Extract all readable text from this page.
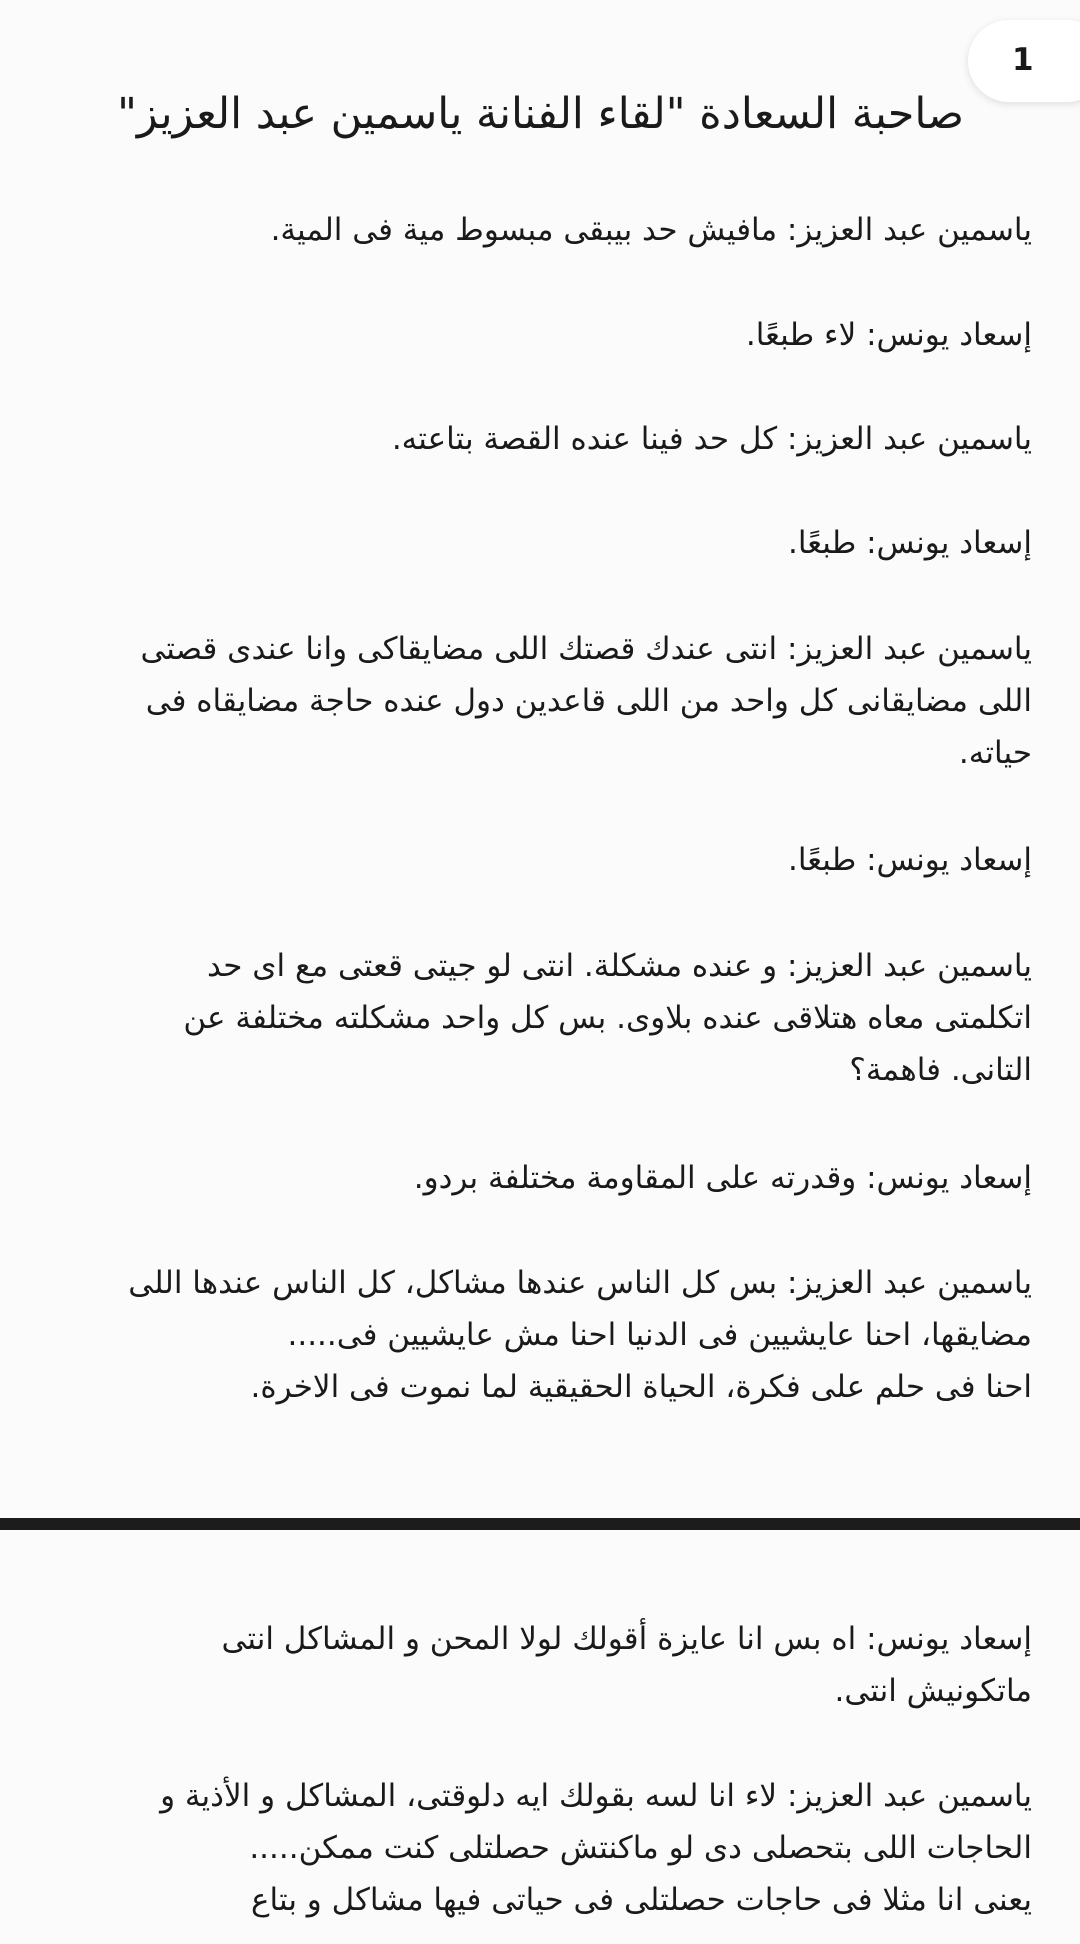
1
صاحبة السعادة "لقاء الفنانة ياسمين عبد العزيز"

ياسمين عبد العزيز: مافيش حد بيبقى مبسوط مية فى المية.

إسعاد يونس: لاء طبعًا.

ياسمين عبد العزيز: كل حد فينا عنده القصة بتاعته.

إسعاد يونس: طبعًا.

ياسمين عبد العزيز: انتى عندك قصتك اللى مضايقاكى وانا عندى قصتى
اللى مضايقانى كل واحد من اللى قاعدين دول عنده حاجة مضايقاه فى
حياته.

إسعاد يونس: طبعًا.

ياسمين عبد العزيز: و عنده مشكلة. انتى لو جيتى قعتى مع اى حد
اتكلمتى معاه هتلاقى عنده بلاوى. بس كل واحد مشكلته مختلفة عن
التانى. فاهمة؟

إسعاد يونس: وقدرته على المقاومة مختلفة بردو.

ياسمين عبد العزيز: بس كل الناس عندها مشاكل، كل الناس عندها اللى
مضايقها، احنا عايشيين فى الدنيا احنا مش عايشيين فى.....
احنا فى حلم على فكرة، الحياة الحقيقية لما نموت فى الاخرة.

إسعاد يونس: اه بس انا عايزة أقولك لولا المحن و المشاكل انتى
ماتكونيش انتى.

ياسمين عبد العزيز: لاء انا لسه بقولك ايه دلوقتى، المشاكل و الأذية و
الحاجات اللى بتحصلى دى لو ماكنتش حصلتلى كنت ممكن.....
يعنى انا مثلا فى حاجات حصلتلى فى حياتى فيها مشاكل و بتاع
